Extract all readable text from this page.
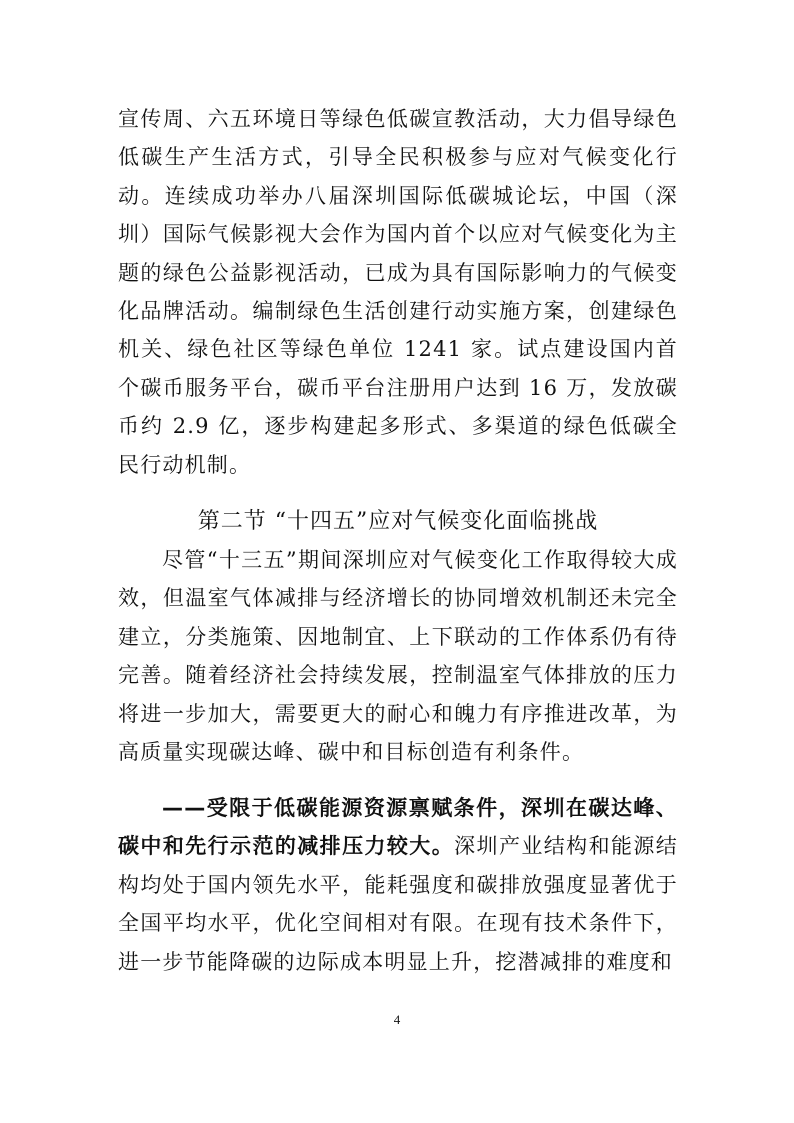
宣传周、六五环境日等绿色低碳宣教活动，大力倡导绿色低碳生产生活方式，引导全民积极参与应对气候变化行动。连续成功举办八届深圳国际低碳城论坛，中国（深圳）国际气候影视大会作为国内首个以应对气候变化为主题的绿色公益影视活动，已成为具有国际影响力的气候变化品牌活动。编制绿色生活创建行动实施方案，创建绿色机关、绿色社区等绿色单位 1241 家。试点建设国内首个碳币服务平台，碳币平台注册用户达到 16 万，发放碳币约 2.9 亿，逐步构建起多形式、多渠道的绿色低碳全民行动机制。
第二节 “十四五”应对气候变化面临挑战
尽管“十三五”期间深圳应对气候变化工作取得较大成效，但温室气体减排与经济增长的协同增效机制还未完全建立，分类施策、因地制宜、上下联动的工作体系仍有待完善。随着经济社会持续发展，控制温室气体排放的压力将进一步加大，需要更大的耐心和魄力有序推进改革，为高质量实现碳达峰、碳中和目标创造有利条件。
——受限于低碳能源资源禀赋条件，深圳在碳达峰、碳中和先行示范的减排压力较大。深圳产业结构和能源结构均处于国内领先水平，能耗强度和碳排放强度显著优于全国平均水平，优化空间相对有限。在现有技术条件下，进一步节能降碳的边际成本明显上升，挖潜减排的难度和
4
